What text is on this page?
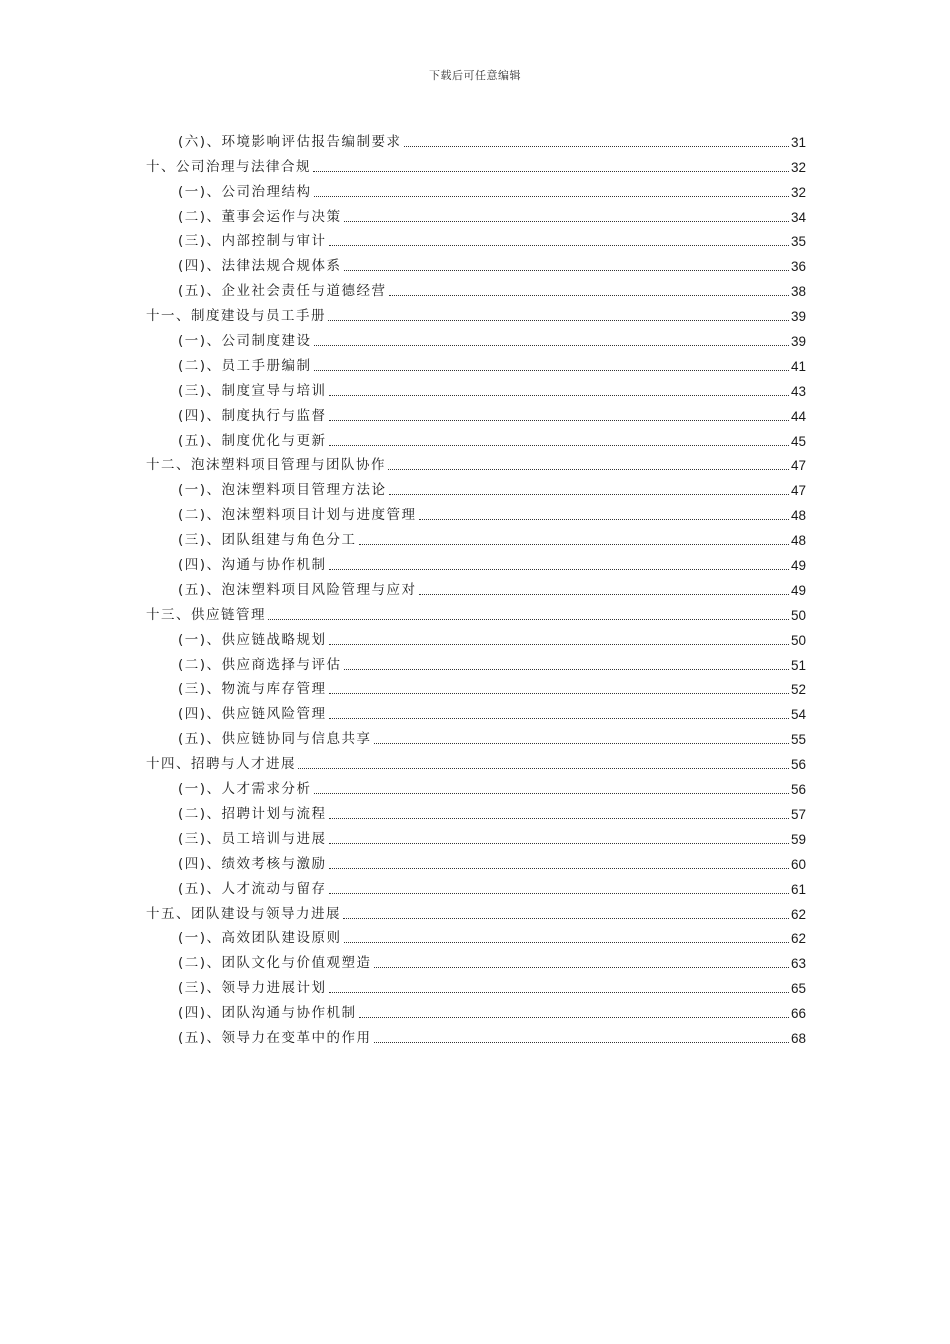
下载后可任意编辑
(六)、环境影响评估报告编制要求	31
十、公司治理与法律合规	32
(一)、公司治理结构	32
(二)、董事会运作与决策	34
(三)、内部控制与审计	35
(四)、法律法规合规体系	36
(五)、企业社会责任与道德经营	38
十一、制度建设与员工手册	39
(一)、公司制度建设	39
(二)、员工手册编制	41
(三)、制度宣导与培训	43
(四)、制度执行与监督	44
(五)、制度优化与更新	45
十二、泡沫塑料项目管理与团队协作	47
(一)、泡沫塑料项目管理方法论	47
(二)、泡沫塑料项目计划与进度管理	48
(三)、团队组建与角色分工	48
(四)、沟通与协作机制	49
(五)、泡沫塑料项目风险管理与应对	49
十三、供应链管理	50
(一)、供应链战略规划	50
(二)、供应商选择与评估	51
(三)、物流与库存管理	52
(四)、供应链风险管理	54
(五)、供应链协同与信息共享	55
十四、招聘与人才进展	56
(一)、人才需求分析	56
(二)、招聘计划与流程	57
(三)、员工培训与进展	59
(四)、绩效考核与激励	60
(五)、人才流动与留存	61
十五、团队建设与领导力进展	62
(一)、高效团队建设原则	62
(二)、团队文化与价值观塑造	63
(三)、领导力进展计划	65
(四)、团队沟通与协作机制	66
(五)、领导力在变革中的作用	68
